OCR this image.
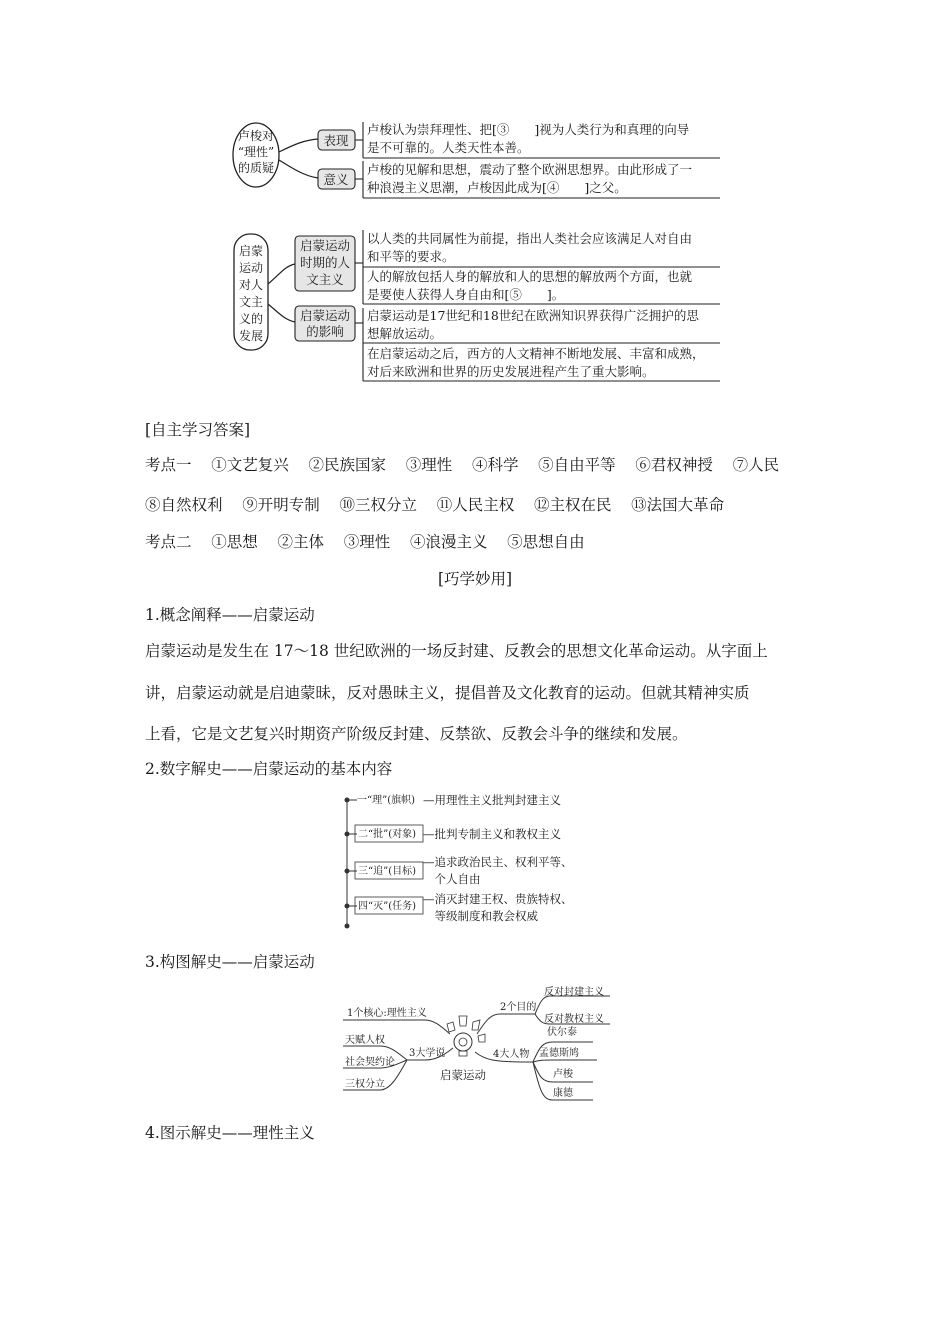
卢梭对
“理性”
的质疑
表现
卢梭认为崇拜理性、把[③　　]视为人类行为和真理的向导
是不可靠的。人类天性本善。
意义
卢梭的见解和思想，震动了整个欧洲思想界。由此形成了一
种浪漫主义思潮，卢梭因此成为[④　　]之父。
启蒙
运动
对人
文主
义的
发展
启蒙运动
时期的人
文主义
以人类的共同属性为前提，指出人类社会应该满足人对自由
和平等的要求。
人的解放包括人身的解放和人的思想的解放两个方面，也就
是要使人获得人身自由和[⑤　　]。
启蒙运动
的影响
启蒙运动是17世纪和18世纪在欧洲知识界获得广泛拥护的思
想解放运动。
在启蒙运动之后，西方的人文精神不断地发展、丰富和成熟，
对后来欧洲和世界的历史发展进程产生了重大影响。
[自主学习答案]
考点一 ①文艺复兴 ②民族国家 ③理性 ④科学 ⑤自由平等 ⑥君权神授 ⑦人民
⑧自然权利 ⑨开明专制 ⑩三权分立 ⑪人民主权 ⑫主权在民 ⑬法国大革命
考点二 ①思想 ②主体 ③理性 ④浪漫主义 ⑤思想自由
[巧学妙用]
1.概念阐释——启蒙运动
启蒙运动是发生在 17～18 世纪欧洲的一场反封建、反教会的思想文化革命运动。从字面上
讲，启蒙运动就是启迪蒙昧，反对愚昧主义，提倡普及文化教育的运动。但就其精神实质
上看，它是文艺复兴时期资产阶级反封建、反禁欲、反教会斗争的继续和发展。
2.数字解史——启蒙运动的基本内容
一“理”(旗帜) —用理性主义批判封建主义
二“批”(对象) —批判专制主义和教权主义
三“追”(目标)
—追求政治民主、权利平等、
　个人自由
四“灭”(任务)
—消灭封建王权、贵族特权、
　等级制度和教会权威
3.构图解史——启蒙运动
启蒙运动
1个核心:理性主义
2个目的
反对封建主义
反对教权主义
3大学说
天赋人权
社会契约论
三权分立
4大人物
伏尔泰
孟德斯鸠
卢梭
康德
4.图示解史——理性主义
